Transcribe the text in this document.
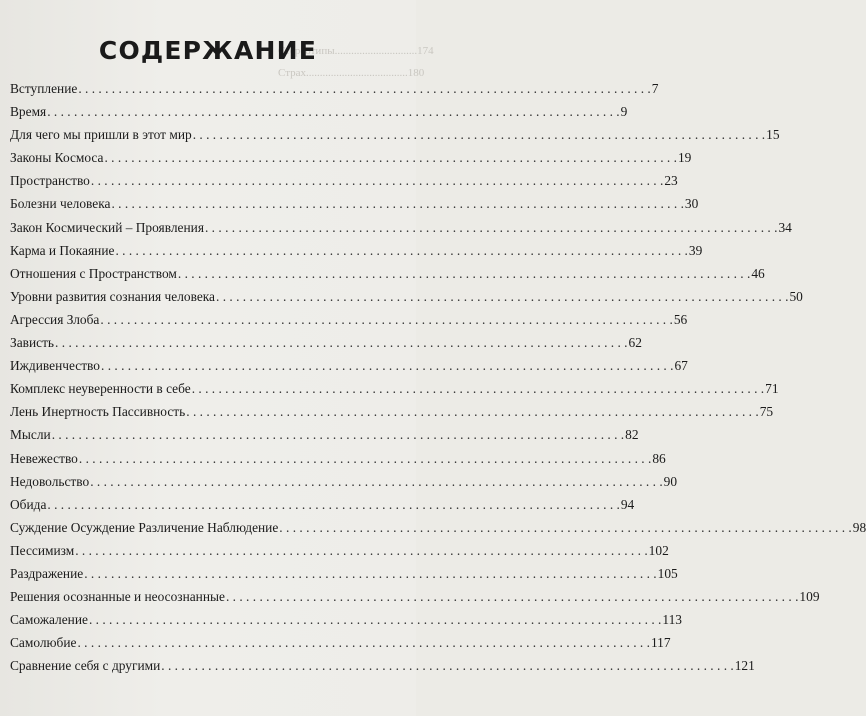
Стереотипы..............................174
Страх.....................................180
СОДЕРЖАНИЕ
Вступление . . .	7
Время . . .	9
Для чего мы пришли в этот мир . . .	15
Законы Космоса . . .	19
Пространство . . .	23
Болезни человека . . .	30
Закон Космический – Проявления . . .	34
Карма и Покаяние . . .	39
Отношения с Пространством . . .	46
Уровни развития сознания человека . . .	50
Агрессия Злоба . . .	56
Зависть . . .	62
Иждивенчество . . .	67
Комплекс неуверенности в себе . . .	71
Лень Инертность Пассивность . . .	75
Мысли . . .	82
Невежество . . .	86
Недовольство . . .	90
Обида . . .	94
Суждение Осуждение Различение Наблюдение . . .	98
Пессимизм . . .	102
Раздражение . . .	105
Решения осознанные и неосознанные . . .	109
Саможаление . . .	113
Самолюбие . . .	117
Сравнение себя с другими . . .	121
